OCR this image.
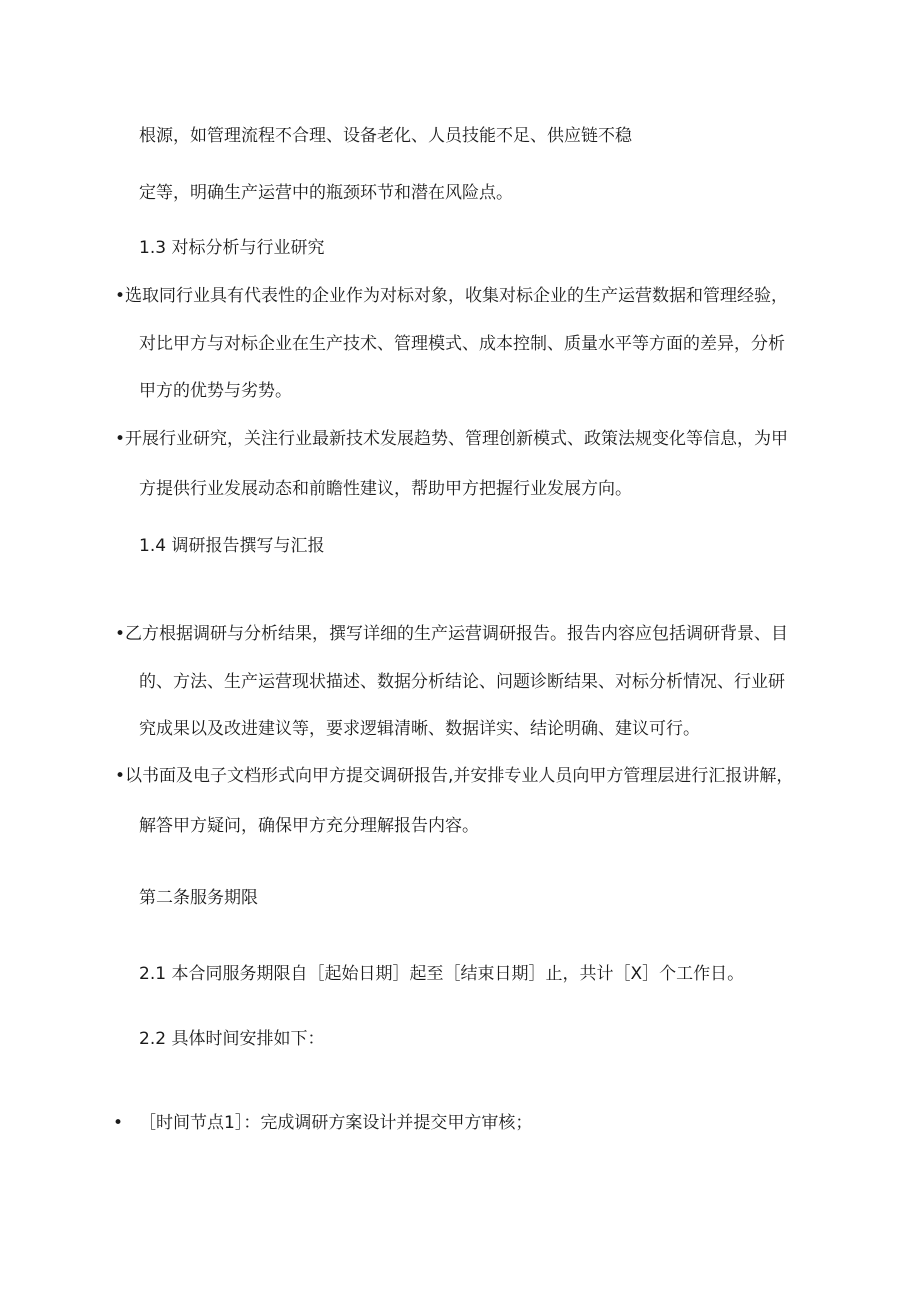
根源，如管理流程不合理、设备老化、人员技能不足、供应链不稳
定等，明确生产运营中的瓶颈环节和潜在风险点。
1.3 对标分析与行业研究
•选取同行业具有代表性的企业作为对标对象，收集对标企业的生产运营数据和管理经验，
对比甲方与对标企业在生产技术、管理模式、成本控制、质量水平等方面的差异，分析
甲方的优势与劣势。
•开展行业研究，关注行业最新技术发展趋势、管理创新模式、政策法规变化等信息，为甲
方提供行业发展动态和前瞻性建议，帮助甲方把握行业发展方向。
1.4 调研报告撰写与汇报
•乙方根据调研与分析结果，撰写详细的生产运营调研报告。报告内容应包括调研背景、目
的、方法、生产运营现状描述、数据分析结论、问题诊断结果、对标分析情况、行业研
究成果以及改进建议等，要求逻辑清晰、数据详实、结论明确、建议可行。
•以书面及电子文档形式向甲方提交调研报告,并安排专业人员向甲方管理层进行汇报讲解，
解答甲方疑问，确保甲方充分理解报告内容。
第二条服务期限
2.1 本合同服务期限自［起始日期］起至［结束日期］止，共计［X］个工作日。
2.2 具体时间安排如下：
• ［时间节点1］：完成调研方案设计并提交甲方审核；
